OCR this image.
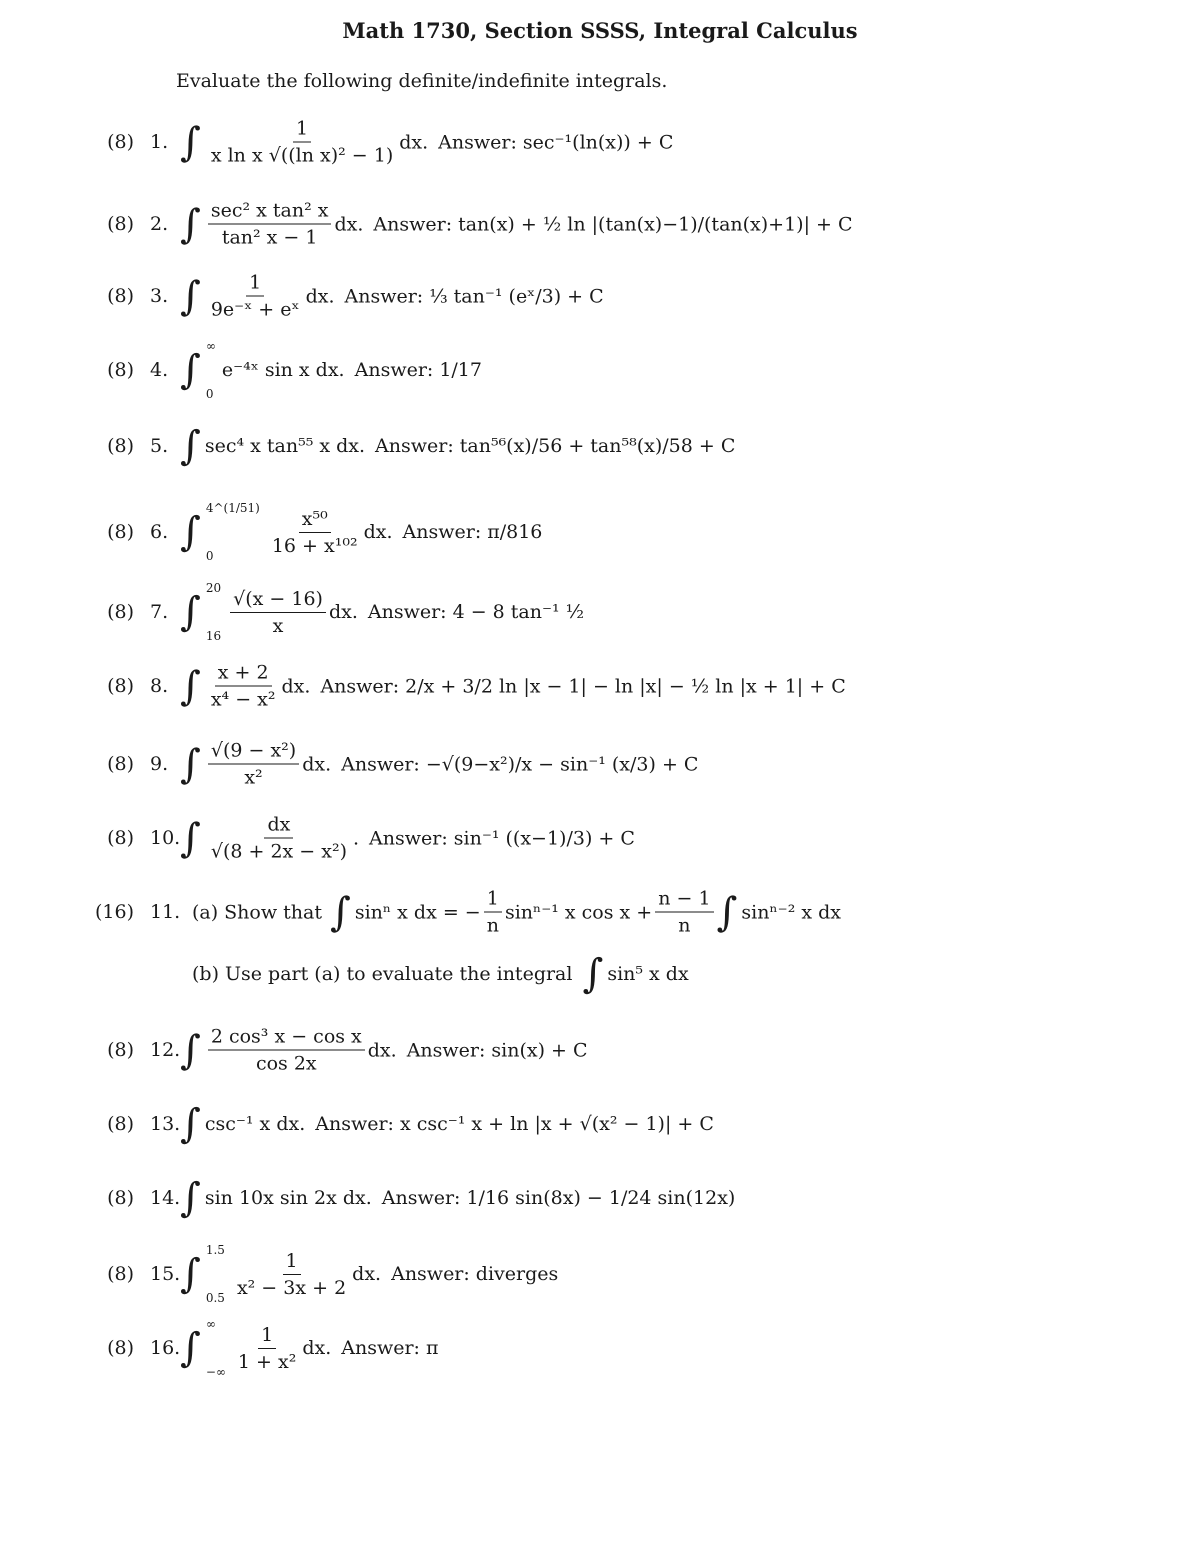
Math 1730, Section SSSS, Integral Calculus
Evaluate the following definite/indefinite integrals.
(8) 1. ∫ $\frac{1}{\text{x ln x √((ln x)² − 1)}}$ dx. Answer: sec⁻¹(ln(x)) + C
(8) 2. ∫ $\frac{\text{sec² x tan² x}}{\text{tan² x − 1}}$ dx. Answer: tan(x) + ½ ln |(tan(x)−1)/(tan(x)+1)| + C
(8) 3. ∫ $\frac{1}{\text{9e⁻ˣ + eˣ}}$ dx. Answer: ⅓ tan⁻¹ (eˣ/3) + C
(8) 4. ∫
∞
0
e⁻⁴ˣ sin x dx. Answer: 1/17
(8) 5. ∫ sec⁴ x tan⁵⁵ x dx. Answer: tan⁵⁶(x)/56 + tan⁵⁸(x)/58 + C
(8) 6. ∫
4^(1/51)
0	$\frac{\text{x⁵⁰}}{\text{16 + x¹⁰²}}$ dx. Answer: π/816
(8) 7. ∫
20
$16 \frac{√(x - 16)}{x}$ dx. Answer: 4 − 8 tan⁻¹ ½
(8) 8. ∫ $\frac{x + 2}{\text{x⁴ − x²}}$ dx. Answer: 2/x + 3/2 ln |x − 1| − ln |x| − ½ ln |x + 1| + C
(8) 9. ∫ $\frac{\text{√(9 − x²)}}{\text{x²}}$ dx. Answer: −√(9−x²)/x − sin⁻¹ (x/3) + C
(8) 10. ∫ $\frac{dx}{\text{√(8 + 2x − x²)}}$ . Answer: sin⁻¹ ((x−1)/3) + C
(8) 12. ∫ $\frac{\text{2 cos³ x − cos x}}{\cos 2x}$ dx. Answer: sin(x) + C
(8) 13. ∫ csc⁻¹ x dx. Answer: x csc⁻¹ x + ln |x + √(x² − 1)| + C
(8) 14. ∫ sin 10x sin 2x dx. Answer: 1/16 sin(8x) − 1/24 sin(12x)
(8) 15. ∫
1.5
$0.5 \frac{1}{\text{x² − 3x + 2}}$ dx. Answer: diverges
(8) 16. ∫
∞
−∞ $\frac{1}{\text{1 + x²}}$ dx. Answer: π
(16) 11. (a) Show that ∫ sinⁿ x dx = − $\frac{1}{n} \sin^{n-1}$ x $\cos x + \frac{n - 1}{n}$ ∫ sinⁿ⁻² x dx
(b) Use part (a) to evaluate the integral ∫ sin⁵ x dx
